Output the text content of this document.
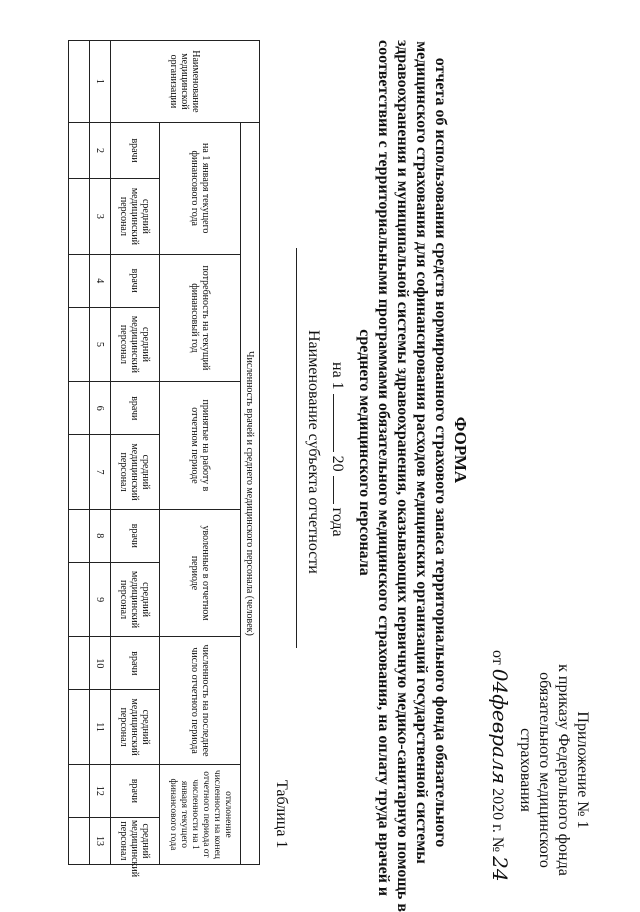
Приложение № 1
к приказу Федерального фонда
обязательного медицинского
страхования
от 04февраля 2020 г. № 24
ФОРМА
отчета об использовании средств нормированного страхового запаса территориального фонда обязательного
медицинского страхования для софинансирования расходов медицинских организаций государственной системы
здравоохранения и муниципальной системы здравоохранения, оказывающих первичную медико-санитарную помощь в
соответствии с территориальными программами обязательного медицинского страхования, на оплату труда врачей и
среднего медицинского персонала
на 1  20  года
Наименование субъекта отчетности
Таблица 1
Наименование медицинской организации	Численность врачей и среднего медицинского персонала (человек)											
	на 1 января текущего финансового года		потребность на текущий финансовый год		принятые на работу в отчетном периоде		уволенные в отчетном периоде		численность на последнее число отчетного периода		отклонение численности на конец отчетного периода от численности на 1 января текущего финансового года	
	врачи	средний медицинский персонал	врачи	средний медицинский персонал	врачи	средний медицинский персонал	врачи	средний медицинский персонал	врачи	средний медицинский персонал	врачи	средний медицинский персонал
1	2	3	4	5	6	7	8	9	10	11	12	13
